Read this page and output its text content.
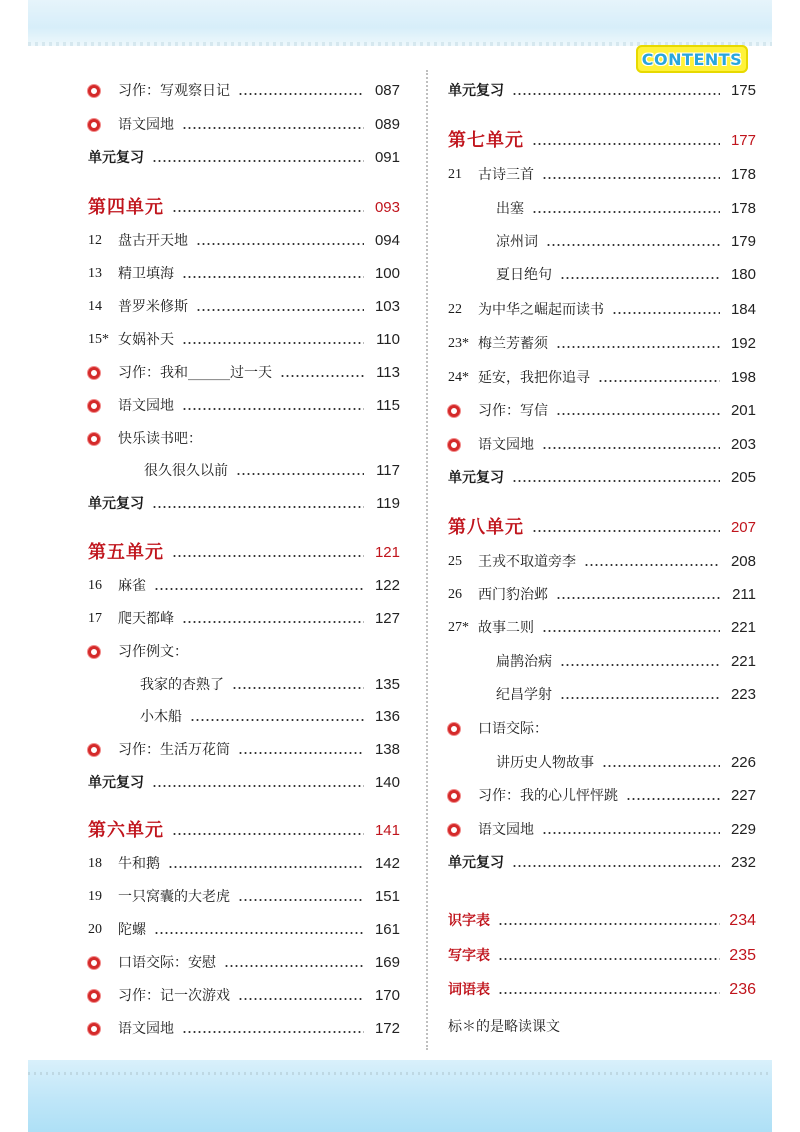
CONTENTS
习作：写观察日记	087
语文园地	089
单元复习	091
第四单元	093
12	盘古开天地	094
13	精卫填海	100
14	普罗米修斯	103
15* 女娲补天	110
习作：我和______过一天	113
语文园地	115
快乐读书吧：
很久很久以前	117
单元复习	119
第五单元	121
16	麻雀	122
17	爬天都峰	127
习作例文：
我家的杏熟了	135
小木船	136
习作：生活万花筒	138
单元复习	140
第六单元	141
18	牛和鹅	142
19	一只窝囊的大老虎	151
20	陀螺	161
口语交际：安慰	169
习作：记一次游戏	170
语文园地	172
单元复习	175
第七单元	177
21	古诗三首	178
出塞	178
凉州词	179
夏日绝句	180
22	为中华之崛起而读书	184
23* 梅兰芳蓄须	192
24* 延安，我把你追寻	198
习作：写信	201
语文园地	203
单元复习	205
第八单元	207
25	王戎不取道旁李	208
26	西门豹治邺	211
27* 故事二则	221
扁鹊治病	221
纪昌学射	223
口语交际：
讲历史人物故事	226
习作：我的心儿怦怦跳	227
语文园地	229
单元复习	232
识字表	234
写字表	235
词语表	236
标＊的是略读课文
